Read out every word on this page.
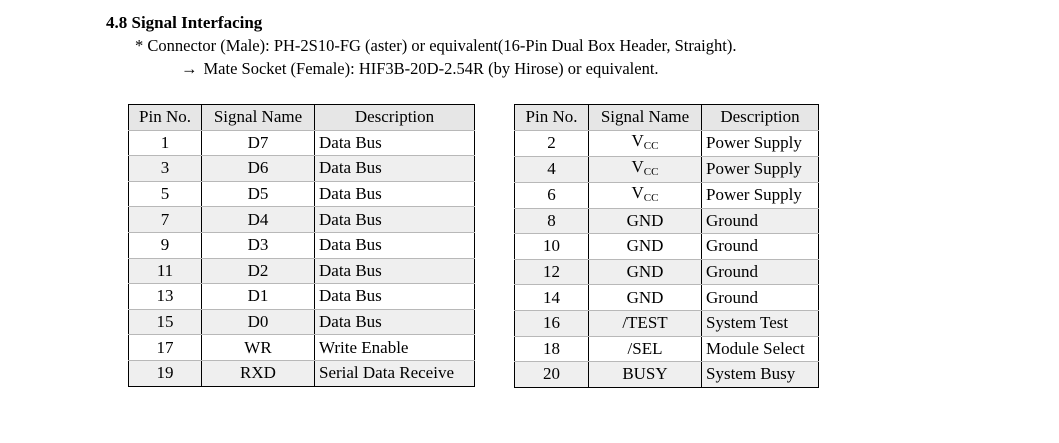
4.8 Signal Interfacing
* Connector (Male): PH-2S10-FG (aster) or equivalent(16-Pin Dual Box Header, Straight).
→ Mate Socket (Female): HIF3B-20D-2.54R (by Hirose) or equivalent.
Pin No.	Signal Name	Description
1	D7	Data Bus
3	D6	Data Bus
5	D5	Data Bus
7	D4	Data Bus
9	D3	Data Bus
11	D2	Data Bus
13	D1	Data Bus
15	D0	Data Bus
17	WR	Write Enable
19	RXD	Serial Data Receive
Pin No.	Signal Name	Description
2	$V_{CC}$	Power Supply
4	$V_{CC}$	Power Supply
6	$V_{CC}$	Power Supply
8	GND	Ground
10	GND	Ground
12	GND	Ground
14	GND	Ground
16	/TEST	System Test
18	/SEL	Module Select
20	BUSY	System Busy
